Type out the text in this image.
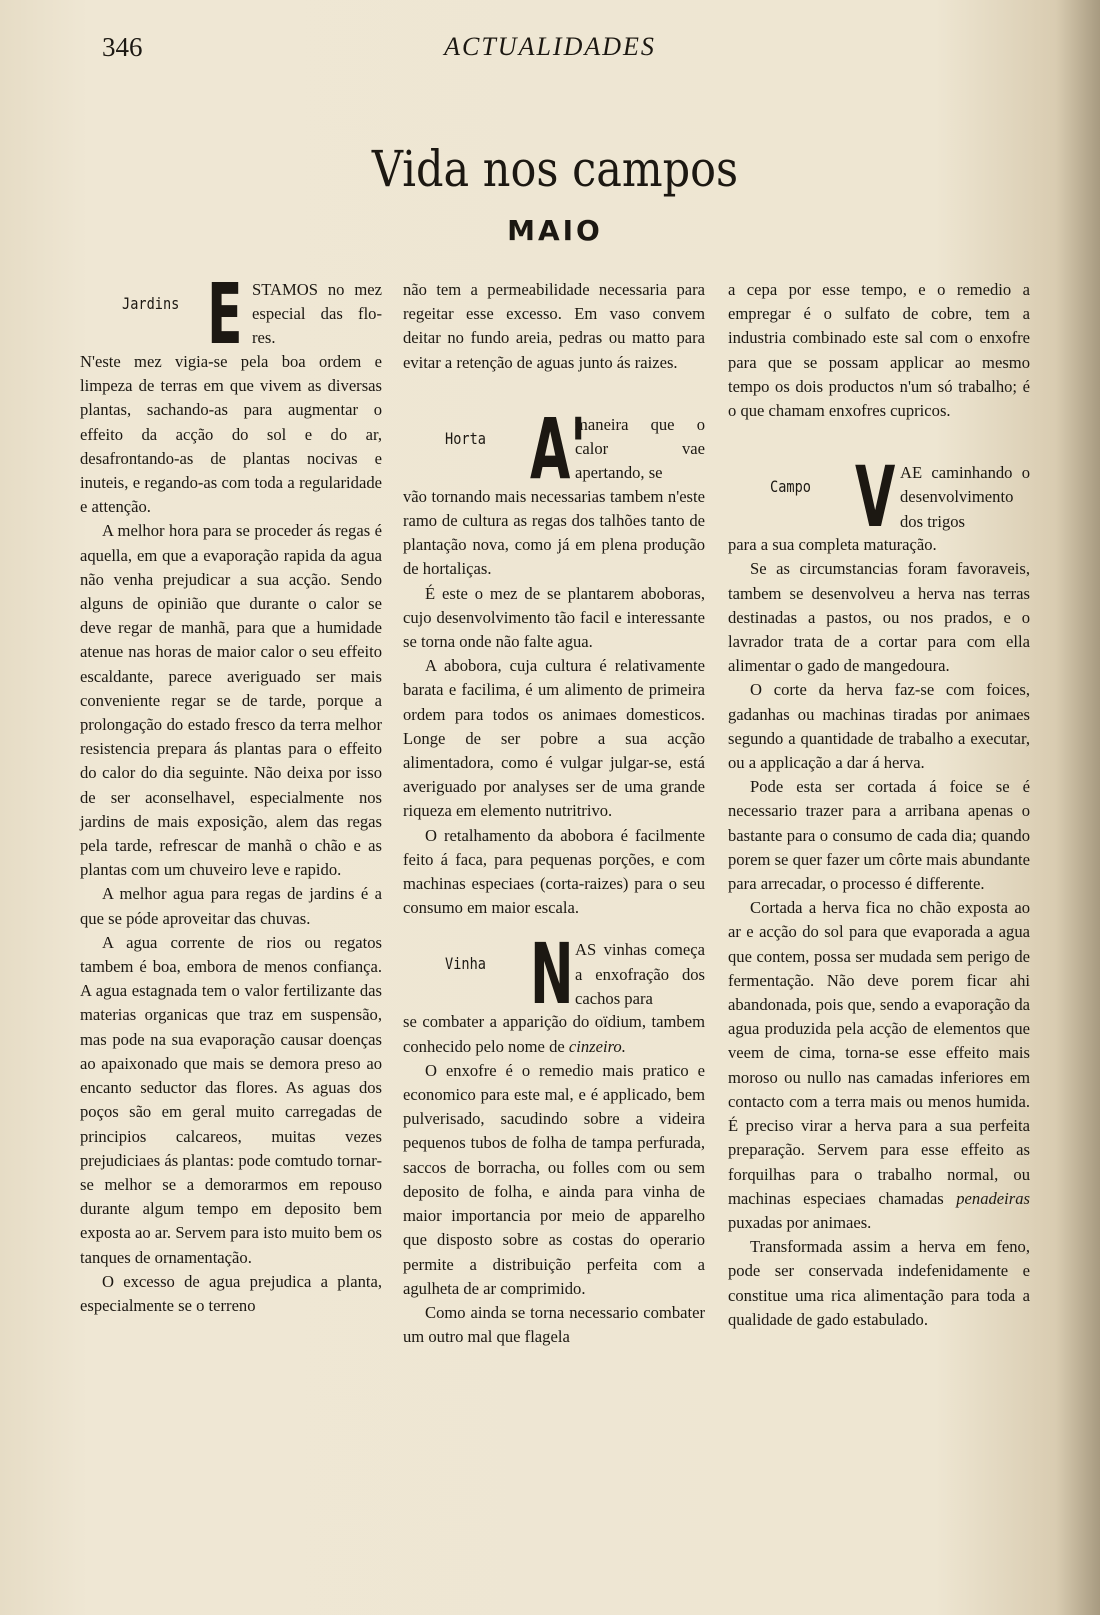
346	ACTUALIDADES
Vida nos campos
MAIO
Jardins E STAMOS no mez especial das flo-res.

N'este mez vigia-se pela boa ordem e limpeza de terras em que vivem as diversas plantas, sachando-as para augmentar o effeito da acção do sol e do ar, desafrontando-as de plantas nocivas e inuteis, e regando-as com toda a regularidade e attenção.

A melhor hora para se proceder ás regas é aquella, em que a evaporação rapida da agua não venha prejudicar a sua acção. Sendo alguns de opinião que durante o calor se deve regar de manhã, para que a humidade atenue nas horas de maior calor o seu effeito escaldante, parece averiguado ser mais conveniente regar se de tarde, porque a prolongação do estado fresco da terra melhor resistencia prepara ás plantas para o effeito do calor do dia seguinte. Não deixa por isso de ser aconselhavel, especialmente nos jardins de mais exposição, alem das regas pela tarde, refrescar de manhã o chão e as plantas com um chuveiro leve e rapido.

A melhor agua para regas de jardins é a que se póde aproveitar das chuvas.

A agua corrente de rios ou regatos tambem é boa, embora de menos confiança. A agua estagnada tem o valor fertilizante das materias organicas que traz em suspensão, mas pode na sua evaporação causar doenças ao apaixonado que mais se demora preso ao encanto seductor das flores. As aguas dos poços são em geral muito carregadas de principios calcareos, muitas vezes prejudiciaes ás plantas: pode comtudo tornar-se melhor se a demorarmos em repouso durante algum tempo em deposito bem exposta ao ar. Servem para isto muito bem os tanques de ornamentação.

O excesso de agua prejudica a planta, especialmente se o terreno

não tem a permeabilidade necessaria para regeitar esse excesso. Em vaso convem deitar no fundo areia, pedras ou matto para evitar a retenção de aguas junto ás raizes.

Horta A'
maneira que o calor vae apertando, se

vão tornando mais necessarias tambem n'este ramo de cultura as regas dos talhões tanto de plantação nova, como já em plena produção de hortaliças.

É este o mez de se plantarem aboboras, cujo desenvolvimento tão facil e interessante se torna onde não falte agua.

A abobora, cuja cultura é relativamente barata e facilima, é um alimento de primeira ordem para todos os animaes domesticos. Longe de ser pobre a sua acção alimentadora, como é vulgar julgar-se, está averiguado por analyses ser de uma grande riqueza em elemento nutritrivo.

O retalhamento da abobora é facilmente feito á faca, para pequenas porções, e com machinas especiaes (corta-raizes) para o seu consumo em maior escala.

Vinha N AS vinhas começa a enxofração dos cachos para

se combater a apparição do oïdium, tambem conhecido pelo nome de cinzeiro.

O enxofre é o remedio mais pratico e economico para este mal, e é applicado, bem pulverisado, sacudindo sobre a videira pequenos tubos de folha de tampa perfurada, saccos de borracha, ou folles com ou sem deposito de folha, e ainda para vinha de maior importancia por meio de apparelho que disposto sobre as costas do operario permite a distribuição perfeita com a agulheta de ar comprimido.

Como ainda se torna necessario combater um outro mal que flagela

a cepa por esse tempo, e o remedio a empregar é o sulfato de cobre, tem a industria combinado este sal com o enxofre para que se possam applicar ao mesmo tempo os dois productos n'um só trabalho; é o que chamam enxofres cupricos.

Campo V AE caminhando o desenvolvimento dos trigos

para a sua completa maturação.

Se as circumstancias foram favoraveis, tambem se desenvolveu a herva nas terras destinadas a pastos, ou nos prados, e o lavrador trata de a cortar para com ella alimentar o gado de mangedoura.

O corte da herva faz-se com foices, gadanhas ou machinas tiradas por animaes segundo a quantidade de trabalho a executar, ou a applicação a dar á herva.

Pode esta ser cortada á foice se é necessario trazer para a arribana apenas o bastante para o consumo de cada dia; quando porem se quer fazer um côrte mais abundante para arrecadar, o processo é differente.

Cortada a herva fica no chão exposta ao ar e acção do sol para que evaporada a agua que contem, possa ser mudada sem perigo de fermentação. Não deve porem ficar ahi abandonada, pois que, sendo a evaporação da agua produzida pela acção de elementos que veem de cima, torna-se esse effeito mais moroso ou nullo nas camadas inferiores em contacto com a terra mais ou menos humida. É preciso virar a herva para a sua perfeita preparação. Servem para esse effeito as forquilhas para o trabalho normal, ou machinas especiaes chamadas penadeiras puxadas por animaes.

Transformada assim a herva em feno, pode ser conservada indefenidamente e constitue uma rica alimentação para toda a qualidade de gado estabulado.
